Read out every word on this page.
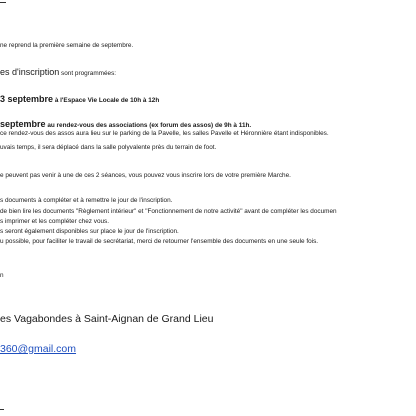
ne reprend la première semaine de septembre.
es d'inscription sont programmées:
3 septembre à l'Espace Vie Locale de 10h à 12h
septembre au rendez-vous des associations (ex forum des assos) de 9h à 11h.
ce rendez-vous des assos aura lieu sur le parking de la Pavelle, les salles Pavelle et Héronnière étant indisponibles.
uvais temps, il sera déplacé dans la salle polyvalente près du terrain de foot.
e peuvent pas venir à une de ces 2 séances, vous pouvez vous inscrire lors de votre première Marche.
s documents à compléter et à remettre le jour de l'inscription.
de bien lire les documents "Règlement intérieur" et "Fonctionnement de notre activité" avant de compléter les documen
s imprimer et les compléter chez vous.
s seront également disponibles sur place le jour de l'inscription.
u possible, pour faciliter le travail de secrétariat, merci de retourner l'ensemble des documents en une seule fois.
n
es Vagabondes à Saint-Aignan de Grand Lieu
360@gmail.com
